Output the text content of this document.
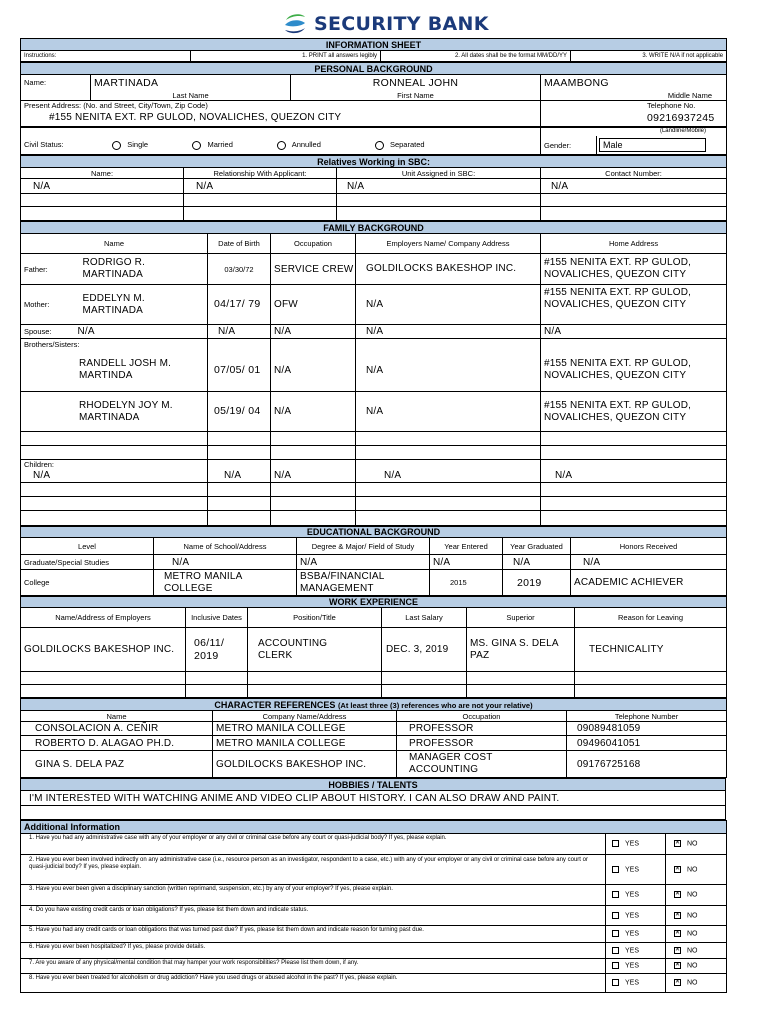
SECURITY BANK
INFORMATION SHEET
Instructions:	1. PRINT all answers legibly	2. All dates shall be the format MM/DD/YY	3. WRITE N/A if not applicable
PERSONAL BACKGROUND			
Name:	MARTINADA	RONNEAL JOHN	MAAMBONG
	Last Name	First Name	Middle Name
Present Address: (No. and Street, City/Town, Zip Code)			Telephone No.
#155 NENITA EXT. RP GULOD, NOVALICHES, QUEZON CITY			09216937245
	(Landline/Mobile)	
Civil Status: Single Married Annulled Separated	Gender:	Male
Relatives Working in SBC:			
Name:	Relationship With Applicant:	Unit Assigned in SBC:	Contact Number:
N/A	N/A	N/A	N/A

FAMILY BACKGROUND					
Name		Date of Birth	Occupation	Employers Name/ Company Address	Home Address
Father:	RODRIGO R. MARTINADA	03/30/72	SERVICE CREW	GOLDILOCKS BAKESHOP INC.	#155 NENITA EXT. RP GULOD, NOVALICHES, QUEZON CITY
Mother:	EDDELYN M. MARTINADA	04/17/ 79	OFW	N/A	#155 NENITA EXT. RP GULOD, NOVALICHES, QUEZON CITY
Spouse:	N/A	N/A	N/A	N/A	N/A
Brothers/Sisters:					
RANDELL JOSH M. MARTINDA		07/05/ 01	N/A	N/A	#155 NENITA EXT. RP GULOD, NOVALICHES, QUEZON CITY
RHODELYN JOY M. MARTINADA		05/19/ 04	N/A	N/A	#155 NENITA EXT. RP GULOD, NOVALICHES, QUEZON CITY

Children:					
N/A		N/A	N/A	N/A	N/A

EDUCATIONAL BACKGROUND					
Level	Name of School/Address	Degree & Major/ Field of Study	Year Entered	Year Graduated	Honors Received
Graduate/Special Studies	N/A	N/A	N/A	N/A	N/A
College	METRO MANILA COLLEGE	BSBA/FINANCIAL MANAGEMENT	2015	2019	ACADEMIC ACHIEVER
WORK EXPERIENCE					
Name/Address of Employers	Inclusive Dates	Position/Title	Last Salary	Superior	Reason for Leaving
GOLDILOCKS BAKESHOP INC.	06/11/ 2019	ACCOUNTING CLERK	DEC. 3, 2019	MS. GINA S. DELA PAZ	TECHNICALITY

CHARACTER REFERENCES (At least three (3) references who are not your relative)			
Name	Company Name/Address	Occupation	Telephone Number
CONSOLACION A. CEÑIR	METRO MANILA COLLEGE	PROFESSOR	09089481059
ROBERTO D. ALAGAO PH.D.	METRO MANILA COLLEGE	PROFESSOR	09496041051
GINA S. DELA PAZ	GOLDILOCKS BAKESHOP INC.	MANAGER COST ACCOUNTING	09176725168
HOBBIES / TALENTS
I'M INTERESTED WITH WATCHING ANIME AND VIDEO CLIP ABOUT HISTORY. I CAN ALSO DRAW AND PAINT.

Additional Information		
1. Have you had any administrative case with any of your employer or any civil or criminal case before any court or quasi-judicial body? If yes, please explain.	YES	✕ NO
2. Have you ever been involved indirectly on any administrative case (i.e., resource person as an investigator, respondent to a case, etc.) with any of your employer or any civil or criminal case before any court or quasi-judicial body? If yes, please explain.	YES	✕ NO
3. Have you ever been given a disciplinary sanction (written reprimand, suspension, etc.) by any of your employer? If yes, please explain.	YES	✕ NO
4. Do you have existing credit cards or loan obligations? If yes, please list them down and indicate status.	YES	✕ NO
5. Have you had any credit cards or loan obligations that was turned past due? If yes, please list them down and indicate reason for turning past due.	YES	✕ NO
6. Have you ever been hospitalized? If yes, please provide details.	YES	✕ NO
7. Are you aware of any physical/mental condition that may hamper your work responsibilities? Please list them down, if any.	YES	✕ NO
8. Have you ever been treated for alcoholism or drug addiction? Have you used drugs or abused alcohol in the past? If yes, please explain.	YES	✕ NO
